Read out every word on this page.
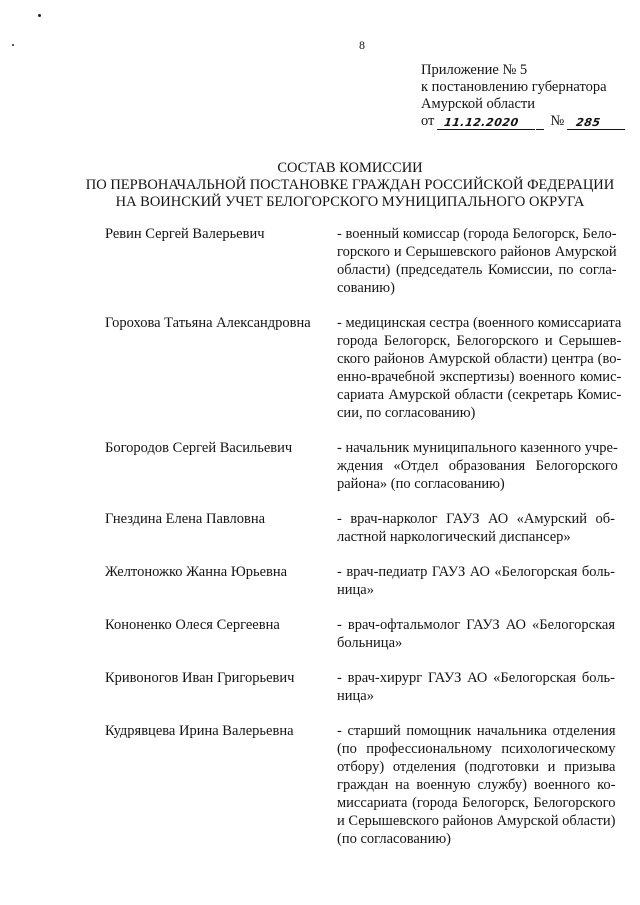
8
Приложение № 5
к постановлению губернатора
Амурской области
от 11.12.2020	№	285
СОСТАВ КОМИССИИ
ПО ПЕРВОНАЧАЛЬНОЙ ПОСТАНОВКЕ ГРАЖДАН РОССИЙСКОЙ ФЕДЕРАЦИИ
НА ВОИНСКИЙ УЧЕТ БЕЛОГОРСКОГО МУНИЦИПАЛЬНОГО ОКРУГА
Ревин Сергей Валерьевич	- военный комиссар (города Белогорск, Бело-
горского и Серышевского районов Амурской
области) (председатель Комиссии, по согла-
сованию)
Горохова Татьяна Александровна	- медицинская сестра (военного комиссариата
города Белогорск, Белогорского и Серышев-
ского районов Амурской области) центра (во-
енно-врачебной экспертизы) военного комис-
сариата Амурской области (секретарь Комис-
сии, по согласованию)
Богородов Сергей Васильевич	- начальник муниципального казенного учре-
ждения «Отдел образования Белогорского
района» (по согласованию)
Гнездина Елена Павловна	- врач-нарколог ГАУЗ АО «Амурский об-
ластной наркологический диспансер»
Желтоножко Жанна Юрьевна	- врач-педиатр ГАУЗ АО «Белогорская боль-
ница»
Кононенко Олеся Сергеевна	- врач-офтальмолог ГАУЗ АО «Белогорская
больница»
Кривоногов Иван Григорьевич	- врач-хирург ГАУЗ АО «Белогорская боль-
ница»
Кудрявцева Ирина Валерьевна	- старший помощник начальника отделения
(по профессиональному психологическому
отбору) отделения (подготовки и призыва
граждан на военную службу) военного ко-
миссариата (города Белогорск, Белогорского
и Серышевского районов Амурской области)
(по согласованию)
